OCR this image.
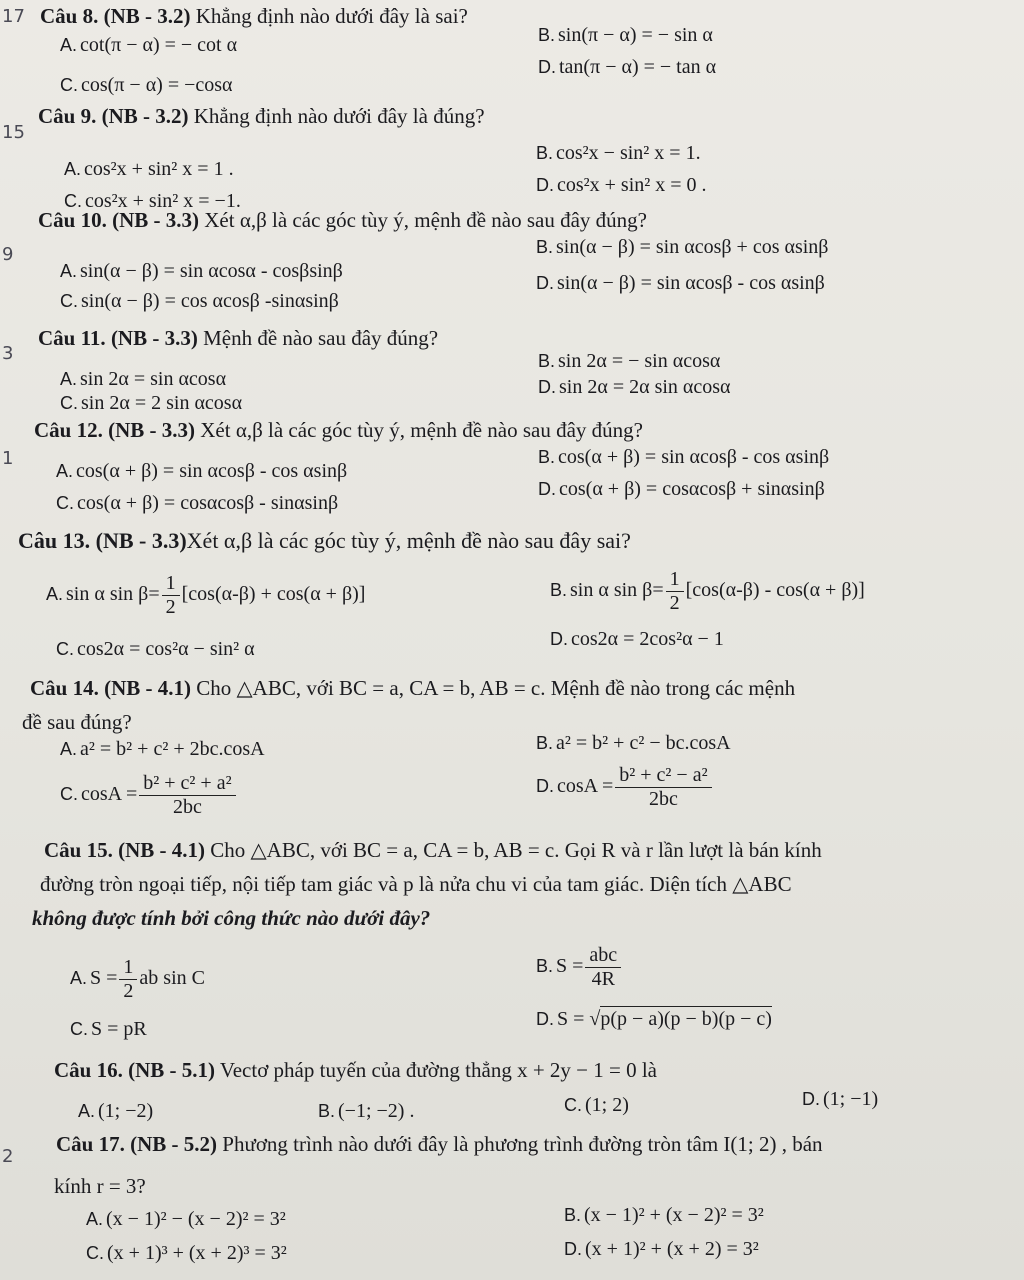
17
15
9
3
1
2
Câu 8. (NB - 3.2) Khẳng định nào dưới đây là sai?
A. cot(π − α) = − cot α	B. sin(π − α) = − sin α
C. cos(π − α) = −cosα
D. tan(π − α) = − tan α
Câu 9. (NB - 3.2) Khẳng định nào dưới đây là đúng?
A. cos²x + sin² x = 1 .
B. cos²x − sin² x = 1.
C. cos²x + sin² x = −1.
D. cos²x + sin² x = 0 .
Câu 10. (NB - 3.3) Xét α,β là các góc tùy ý, mệnh đề nào sau đây đúng?
A. sin(α − β) = sin αcosα - cosβsinβ
B. sin(α − β) = sin αcosβ + cos αsinβ
C. sin(α − β) = cos αcosβ -sinαsinβ
D. sin(α − β) = sin αcosβ - cos αsinβ
Câu 11. (NB - 3.3) Mệnh đề nào sau đây đúng?
A. sin 2α = sin αcosα
B. sin 2α = − sin αcosα
C. sin 2α = 2 sin αcosα
D. sin 2α = 2α sin αcosα
Câu 12. (NB - 3.3) Xét α,β là các góc tùy ý, mệnh đề nào sau đây đúng?
A. cos(α + β) = sin αcosβ - cos αsinβ
B. cos(α + β) = sin αcosβ - cos αsinβ
C. cos(α + β) = cosαcosβ - sinαsinβ
D. cos(α + β) = cosαcosβ + sinαsinβ
Câu 13. (NB - 3.3)Xét α,β là các góc tùy ý, mệnh đề nào sau đây sai?
A. sin α $\sin \beta= \frac{1}{2} [\cos(\alpha-\beta) + \cos(\alpha + \beta)]$	B. sin α $\sin \beta= \frac{1}{2} [\cos(\alpha-\beta) - \cos(\alpha + \beta)]$
C. cos2α = cos²α − sin² α	D. cos2α = 2cos²α − 1
Câu 14. (NB - 4.1) Cho △ABC, với BC = a, CA = b, AB = c. Mệnh đề nào trong các mệnh
đề sau đúng?
A. a² = b² + c² + 2bc.cosA	B. a² = b² + c² − bc.cosA
C. $\cos A = \frac{\text{b² + c² + a²}}{2bc}$	D. $\cos A = \frac{\text{b² + c² − a²}}{2bc}$
Câu 15. (NB - 4.1) Cho △ABC, với BC = a, CA = b, AB = c. Gọi R và r lần lượt là bán kính
đường tròn ngoại tiếp, nội tiếp tam giác và p là nửa chu vi của tam giác. Diện tích △ABC
không được tính bởi công thức nào dưới đây?
A. $S = \frac{1}{2}$ ab sin C
B. $S = \frac{\text{abc}}{4R}$
C. S = pR	D. S = √p(p − a)(p − b)(p − c)
Câu 16. (NB - 5.1) Vectơ pháp tuyến của đường thẳng x + 2y − 1 = 0 là
A. (1; −2)	B. (−1; −2) .	C. (1; 2)	D. (1; −1)
Câu 17. (NB - 5.2) Phương trình nào dưới đây là phương trình đường tròn tâm I(1; 2) , bán
kính r = 3?
A. (x − 1)² − (x − 2)² = 3²	B. (x − 1)² + (x − 2)² = 3²
C. (x + 1)³ + (x + 2)³ = 3²	D. (x + 1)² + (x + 2) = 3²
